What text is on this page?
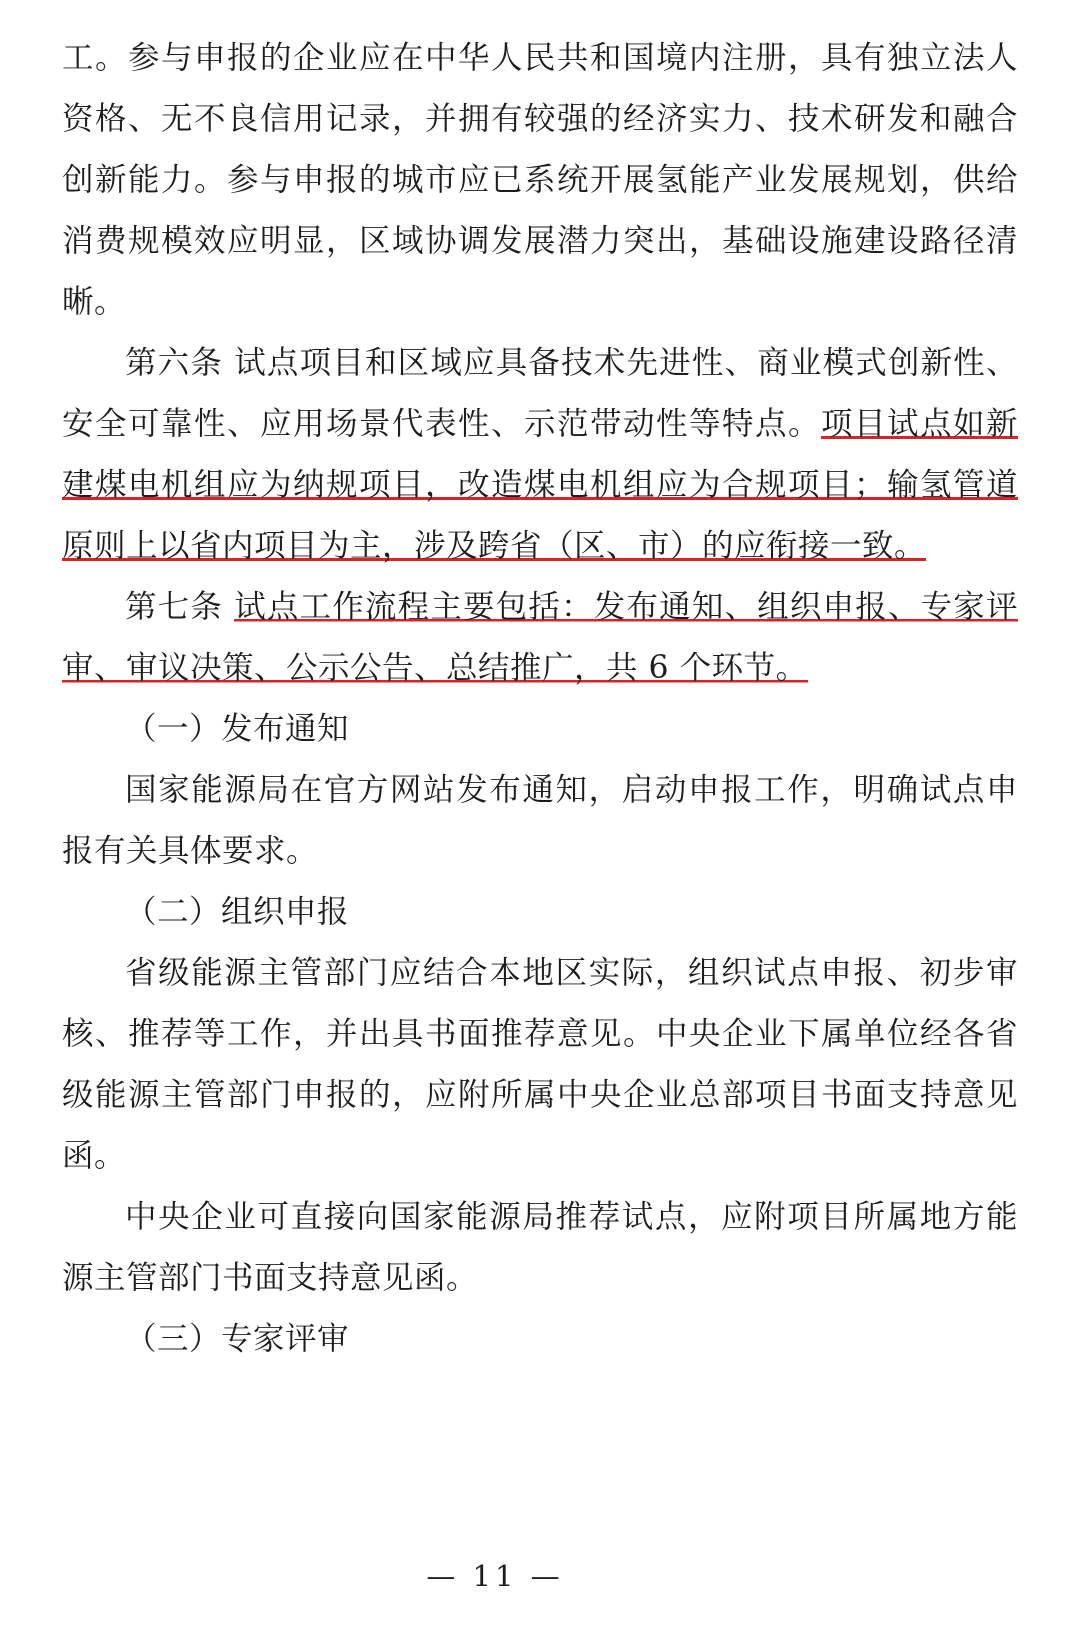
工。参与申报的企业应在中华人民共和国境内注册，具有独立法人资格、无不良信用记录，并拥有较强的经济实力、技术研发和融合创新能力。参与申报的城市应已系统开展氢能产业发展规划，供给消费规模效应明显，区域协调发展潜力突出，基础设施建设路径清晰。

第六条 试点项目和区域应具备技术先进性、商业模式创新性、安全可靠性、应用场景代表性、示范带动性等特点。项目试点如新建煤电机组应为纳规项目，改造煤电机组应为合规项目；输氢管道原则上以省内项目为主，涉及跨省（区、市）的应衔接一致。

第七条 试点工作流程主要包括：发布通知、组织申报、专家评审、审议决策、公示公告、总结推广，共 6 个环节。

（一）发布通知

国家能源局在官方网站发布通知，启动申报工作，明确试点申报有关具体要求。

（二）组织申报

省级能源主管部门应结合本地区实际，组织试点申报、初步审核、推荐等工作，并出具书面推荐意见。中央企业下属单位经各省级能源主管部门申报的，应附所属中央企业总部项目书面支持意见函。

中央企业可直接向国家能源局推荐试点，应附项目所属地方能源主管部门书面支持意见函。

（三）专家评审

— 11 —
